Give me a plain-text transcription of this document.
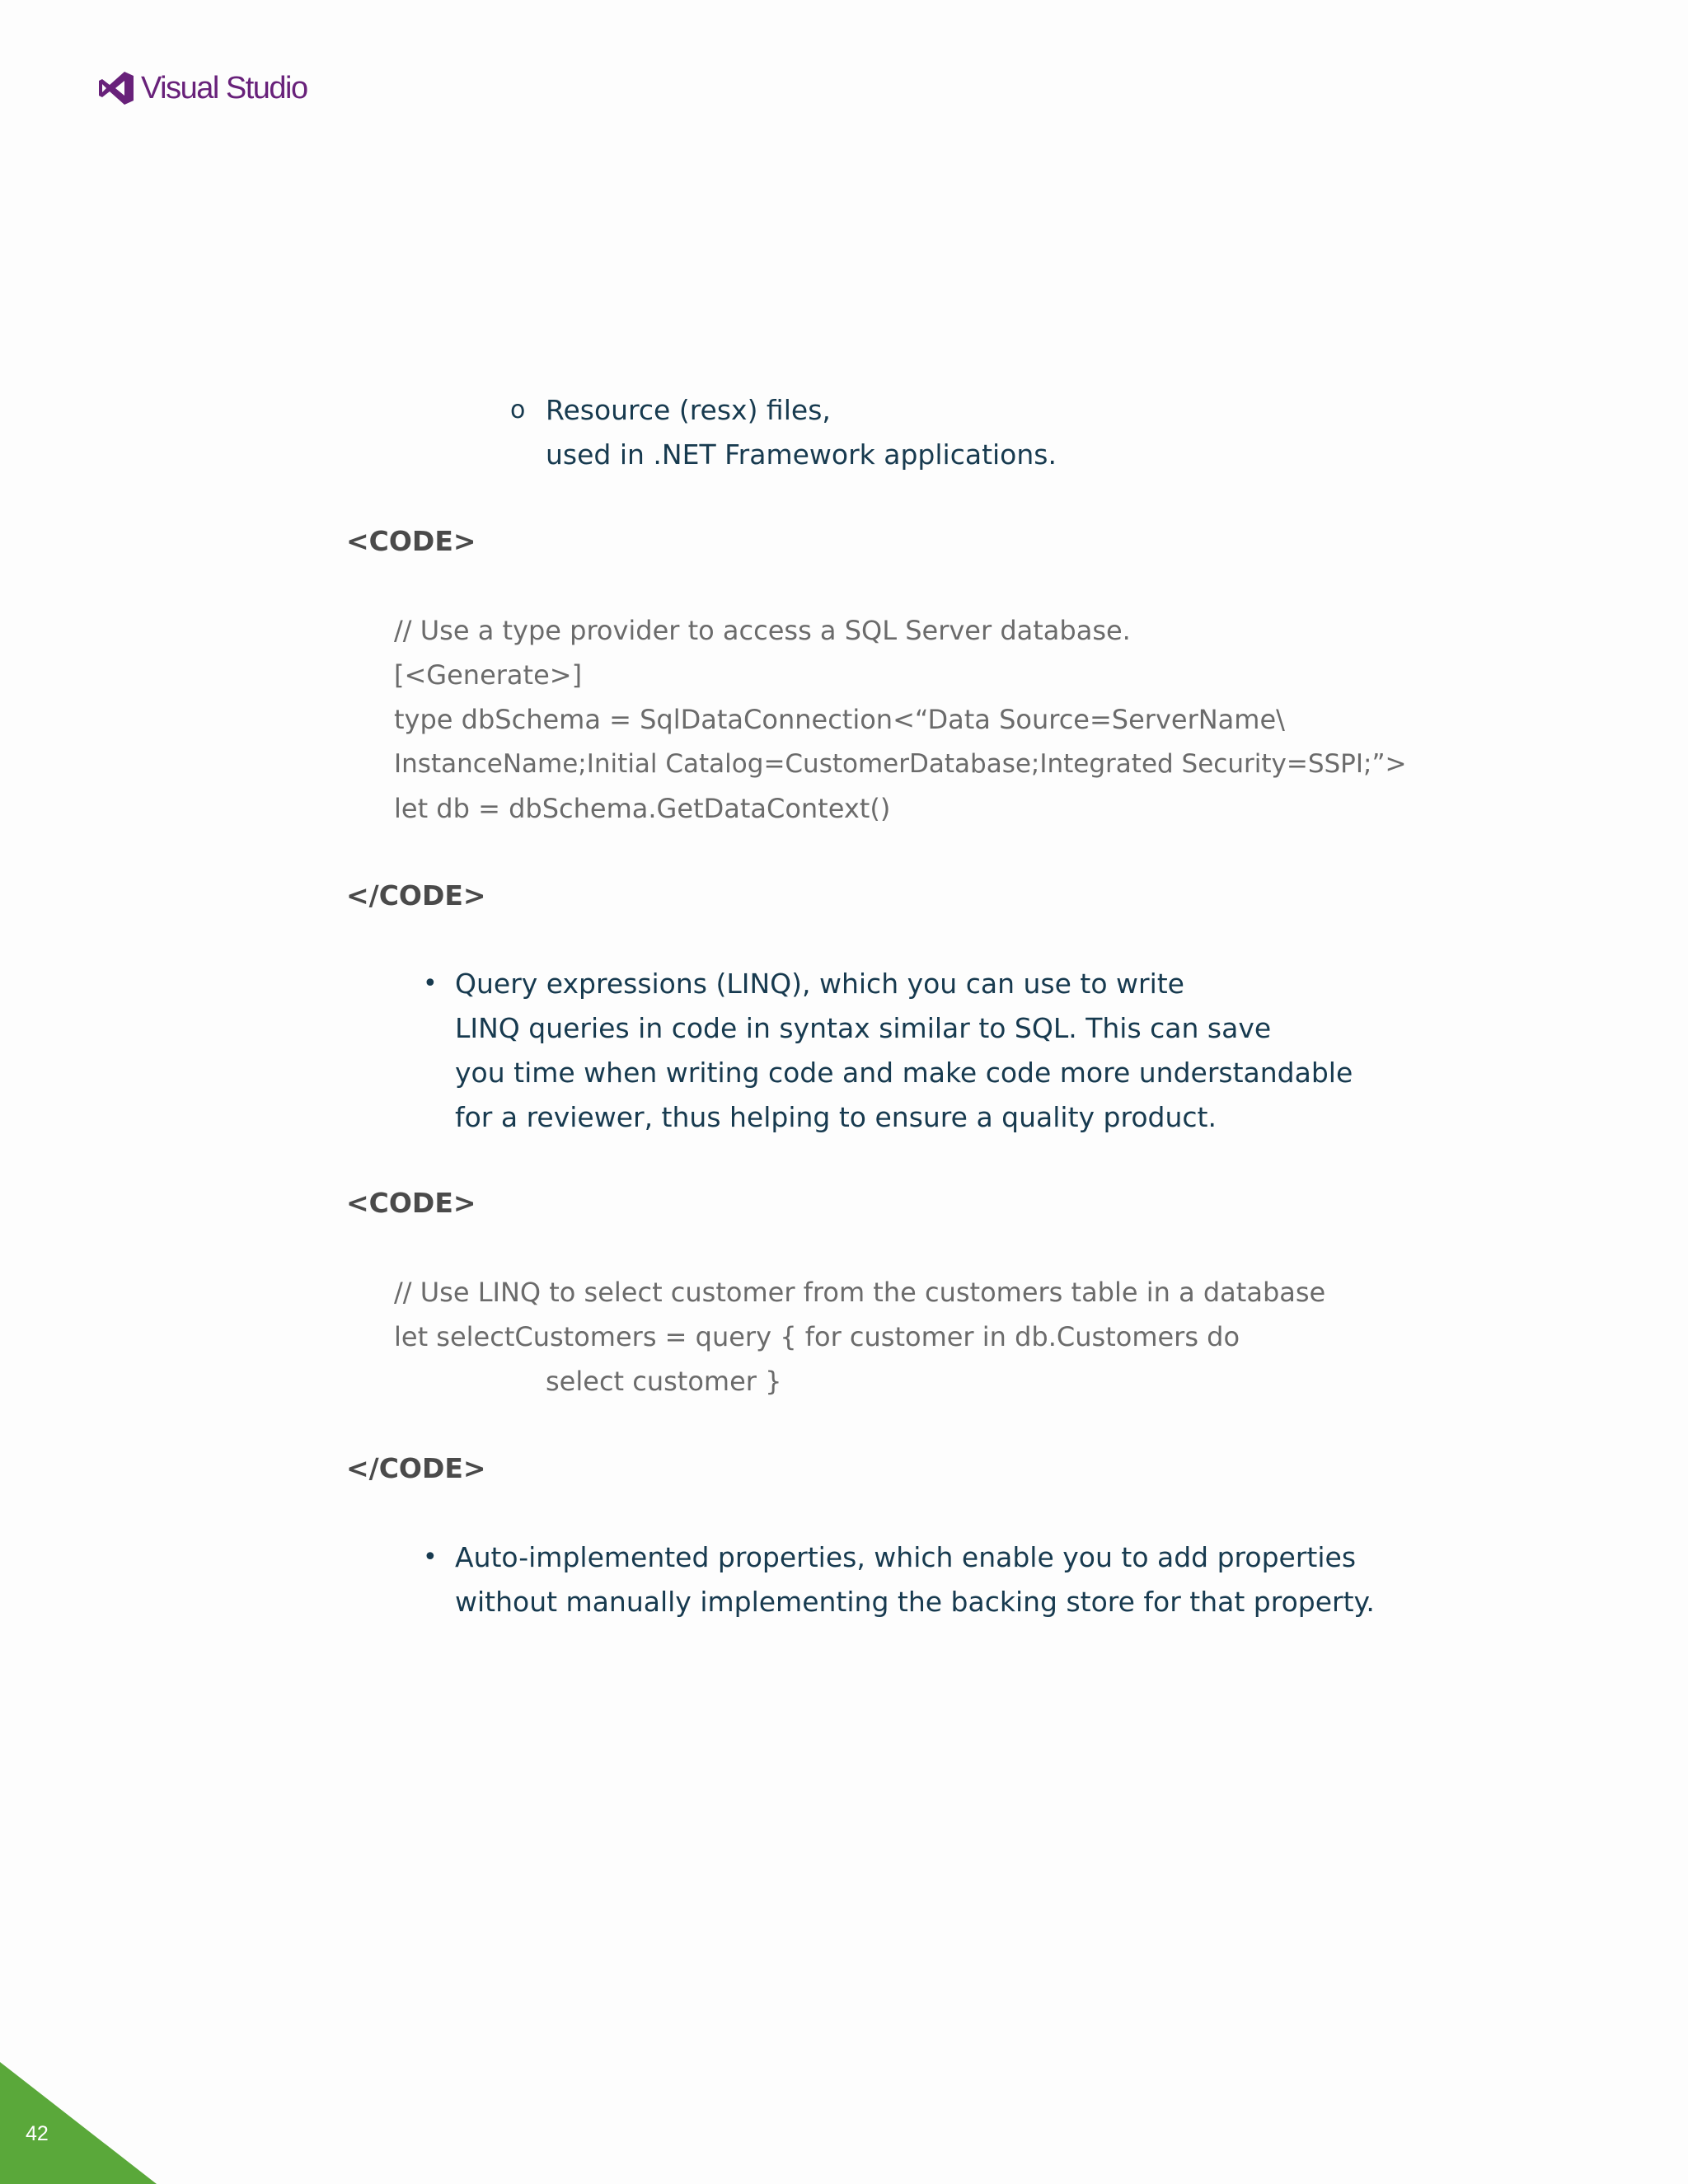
Visual Studio
o Resource (resx) files,
used in .NET Framework applications.
<CODE>
// Use a type provider to access a SQL Server database.
[<Generate>]
type dbSchema = SqlDataConnection<“Data Source=ServerName\
InstanceName;Initial Catalog=CustomerDatabase;Integrated Security=SSPI;”>
let db = dbSchema.GetDataContext()
</CODE>
• Query expressions (LINQ), which you can use to write
LINQ queries in code in syntax similar to SQL. This can save
you time when writing code and make code more understandable
for a reviewer, thus helping to ensure a quality product.
<CODE>
// Use LINQ to select customer from the customers table in a database
let selectCustomers = query { for customer in db.Customers do
select customer }
</CODE>
• Auto-implemented properties, which enable you to add properties
without manually implementing the backing store for that property.
42
